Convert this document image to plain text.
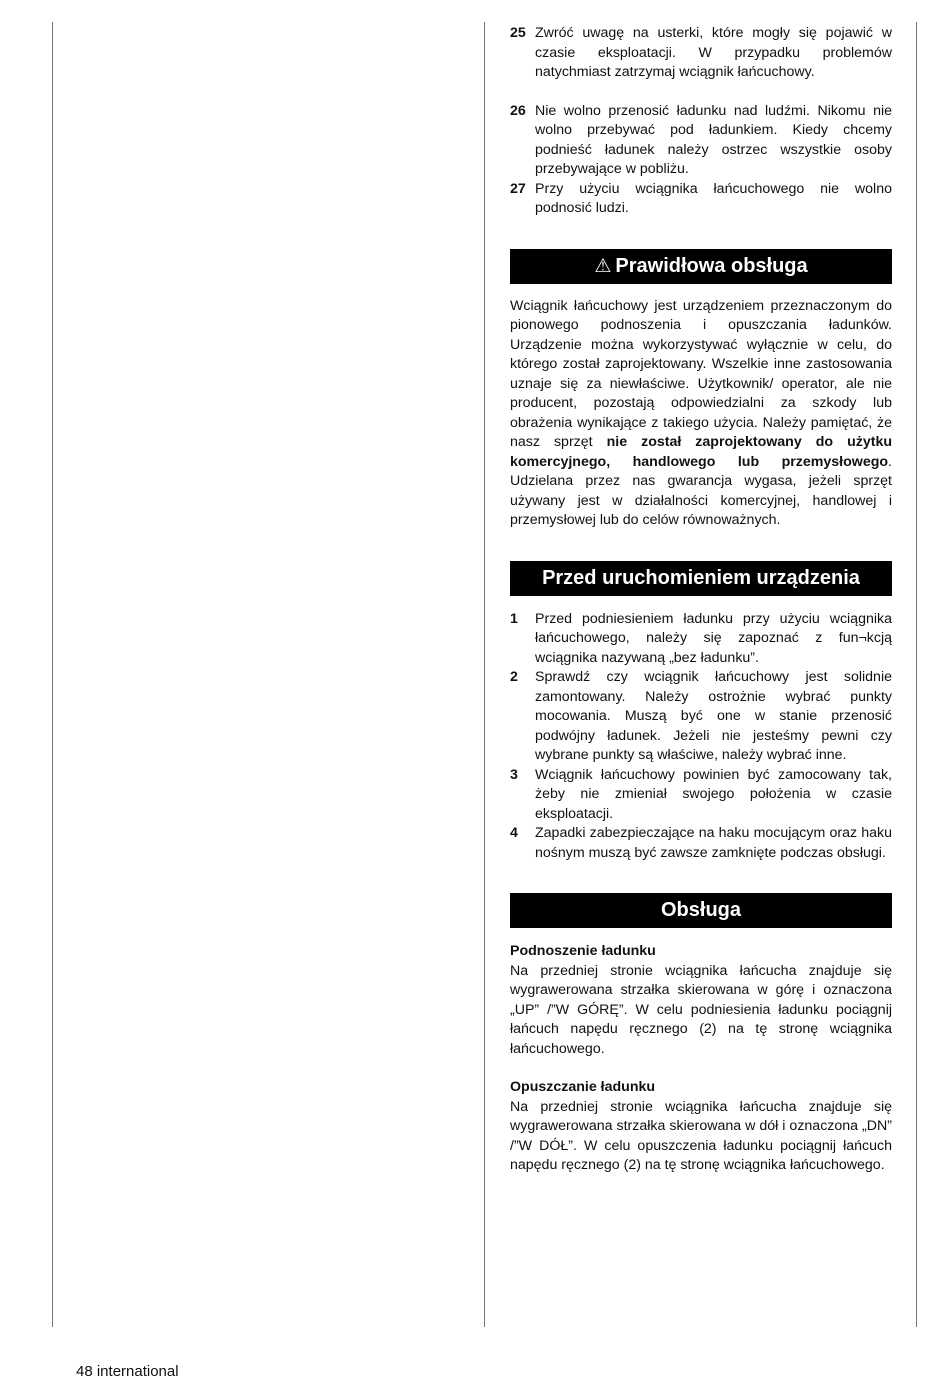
25 Zwróć uwagę na usterki, które mogły się pojawić w czasie eksploatacji. W przypadku problemów natychmiast zatrzymaj wciągnik łańcuchowy.
26 Nie wolno przenosić ładunku nad ludźmi. Nikomu nie wolno przebywać pod ładunkiem. Kiedy chcemy podnieść ładunek należy ostrzec wszystkie osoby przebywające w pobliżu.
27 Przy użyciu wciągnika łańcuchowego nie wolno podnosić ludzi.
⚠ Prawidłowa obsługa

Wciągnik łańcuchowy jest urządzeniem przeznaczonym do pionowego podnoszenia i opuszczania ładunków. Urządzenie można wykorzystywać wyłącznie w celu, do którego został zaprojektowany. Wszelkie inne zastosowania uznaje się za niewłaściwe. Użytkownik/ operator, ale nie producent, pozostają odpowiedzialni za szkody lub obrażenia wynikające z takiego użycia. Należy pamiętać, że nasz sprzęt nie został zaprojektowany do użytku komercyjnego, handlowego lub przemysłowego. Udzielana przez nas gwarancja wygasa, jeżeli sprzęt używany jest w działalności komercyjnej, handlowej i przemysłowej lub do celów równoważnych.

Przed uruchomieniem urządzenia
1	Przed podniesieniem ładunku przy użyciu wciągnika łańcuchowego, należy się zapoznać z fun¬kcją wciągnika nazywaną „bez ładunku”.
2	Sprawdź czy wciągnik łańcuchowy jest solidnie zamontowany. Należy ostrożnie wybrać punkty mocowania. Muszą być one w stanie przenosić podwójny ładunek. Jeżeli nie jesteśmy pewni czy wybrane punkty są właściwe, należy wybrać inne.
3	Wciągnik łańcuchowy powinien być zamocowany tak, żeby nie zmieniał swojego położenia w czasie eksploatacji.
4	Zapadki zabezpieczające na haku mocującym oraz haku nośnym muszą być zawsze zamknięte podczas obsługi.
Obsługa
Podnoszenie ładunku

Na przedniej stronie wciągnika łańcucha znajduje się wygrawerowana strzałka skierowana w górę i oznaczona „UP” /”W GÓRĘ”. W celu podniesienia ładunku pociągnij łańcuch napędu ręcznego (2) na tę stronę wciągnika łańcuchowego.

Opuszczanie ładunku

Na przedniej stronie wciągnika łańcucha znajduje się wygrawerowana strzałka skierowana w dół i oznaczona „DN” /”W DÓŁ”. W celu opuszczenia ładunku pociągnij łańcuch napędu ręcznego (2) na tę stronę wciągnika łańcuchowego.

48 international
